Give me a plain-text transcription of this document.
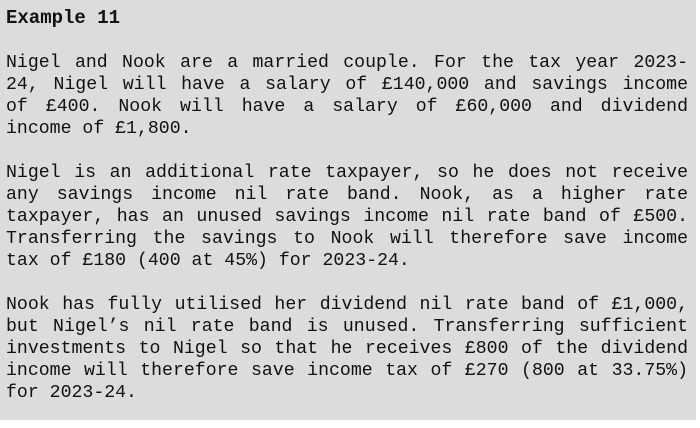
Example 11
Nigel and Nook are a married couple. For the tax year 2023-
24, Nigel will have a salary of £140,000 and savings income
of £400. Nook will have a salary of £60,000 and dividend
income of £1,800.
Nigel is an additional rate taxpayer, so he does not receive
any savings income nil rate band. Nook, as a higher rate
taxpayer, has an unused savings income nil rate band of £500.
Transferring the savings to Nook will therefore save income
tax of £180 (400 at 45%) for 2023-24.
Nook has fully utilised her dividend nil rate band of £1,000,
but Nigel’s nil rate band is unused. Transferring sufficient
investments to Nigel so that he receives £800 of the dividend
income will therefore save income tax of £270 (800 at 33.75%)
for 2023-24.
